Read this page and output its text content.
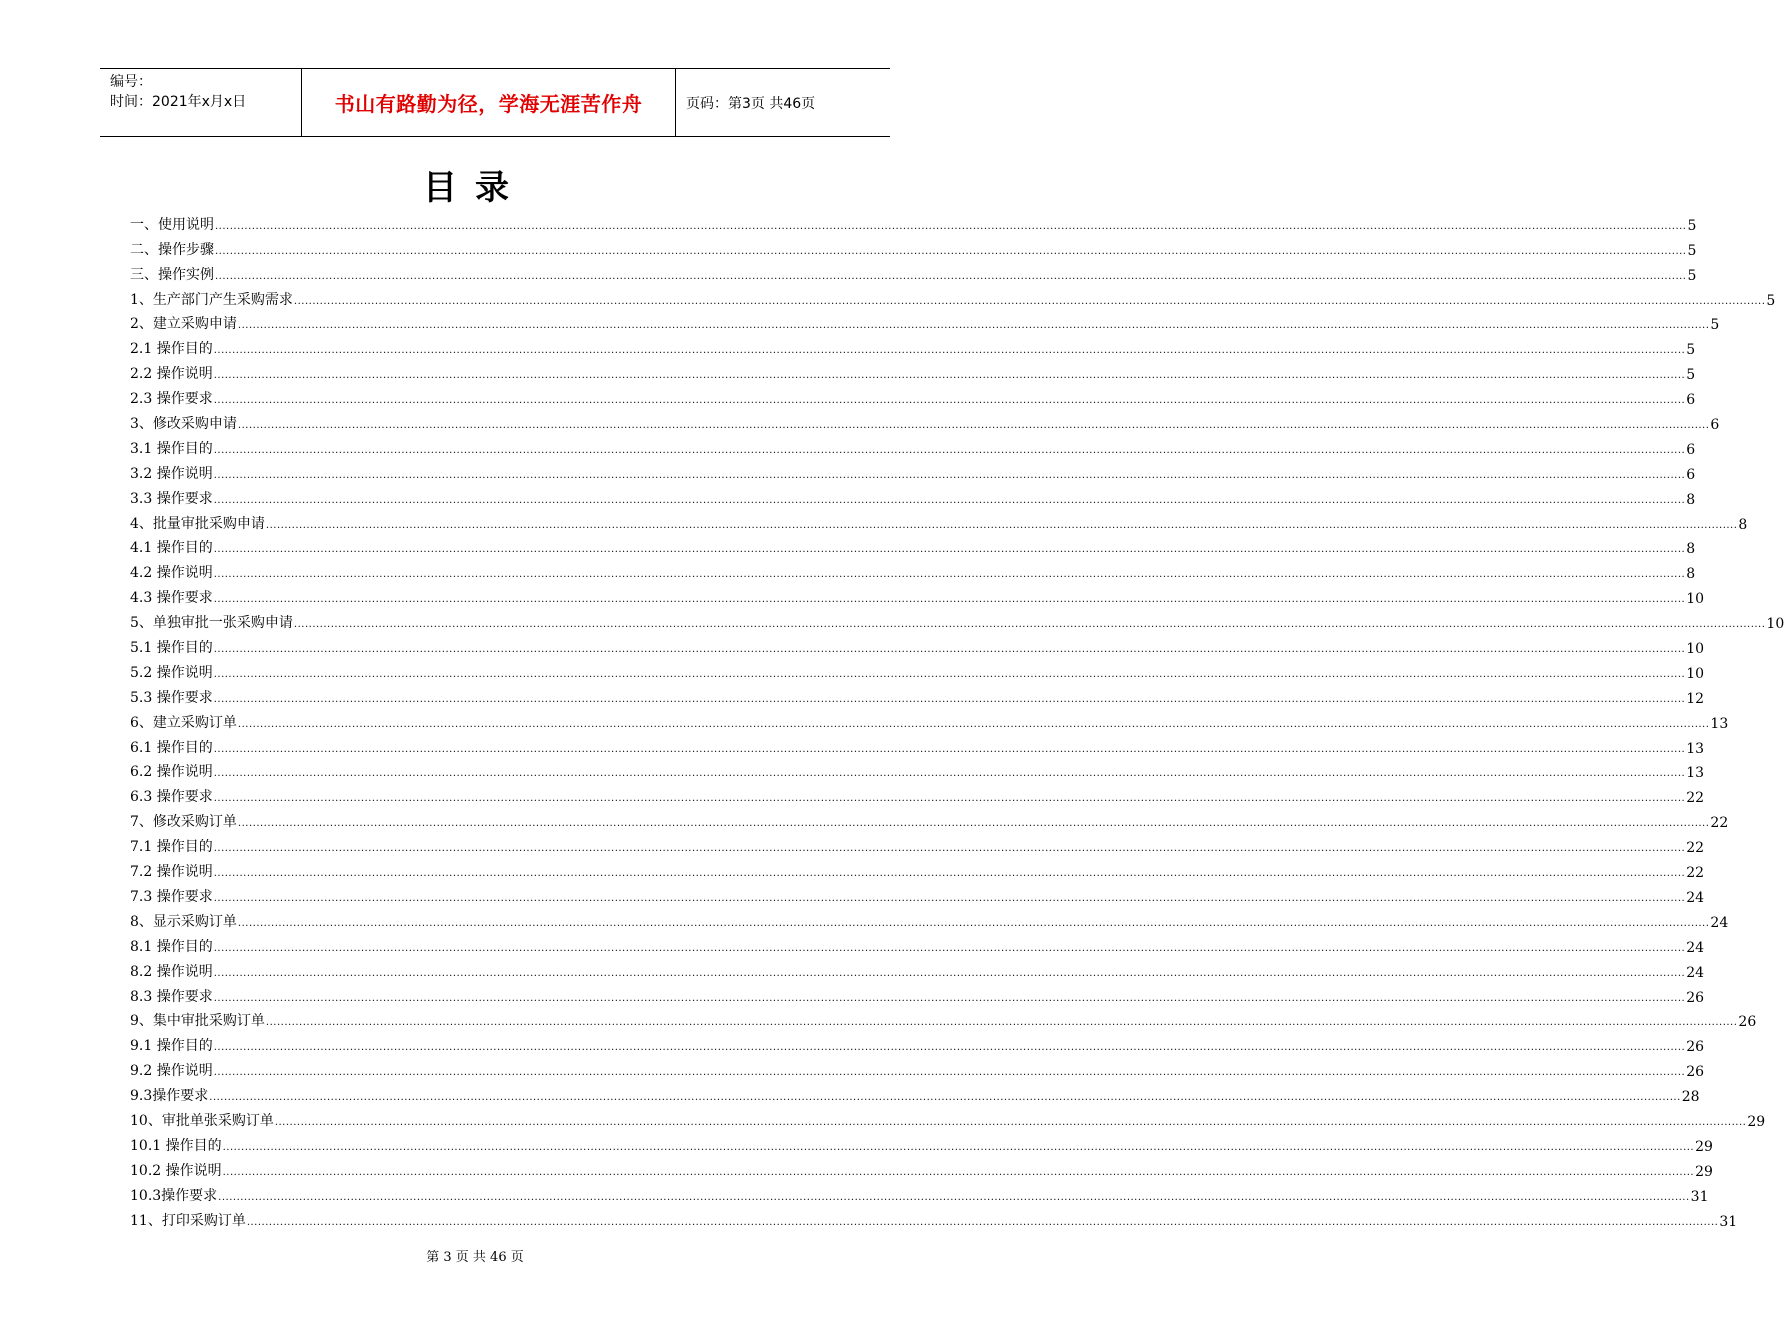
编号：
时间：2021年x月x日	书山有路勤为径，学海无涯苦作舟	页码：第3页 共46页
目录
一、使用说明 ................................................................................................................................................................................................................................................................................................................................................................................................................ 5
二、操作步骤 ................................................................................................................................................................................................................................................................................................................................................................................................................ 5
三、操作实例 ................................................................................................................................................................................................................................................................................................................................................................................................................ 5
1、生产部门产生采购需求 ................................................................................................................................................................................................................................................................................................................................................................................................................ 5
2、建立采购申请 ................................................................................................................................................................................................................................................................................................................................................................................................................ 5
2.1 操作目的 ................................................................................................................................................................................................................................................................................................................................................................................................................ 5
2.2 操作说明 ................................................................................................................................................................................................................................................................................................................................................................................................................ 5
2.3 操作要求 ................................................................................................................................................................................................................................................................................................................................................................................................................ 6
3、修改采购申请 ................................................................................................................................................................................................................................................................................................................................................................................................................ 6
3.1 操作目的 ................................................................................................................................................................................................................................................................................................................................................................................................................ 6
3.2 操作说明 ................................................................................................................................................................................................................................................................................................................................................................................................................ 6
3.3 操作要求 ................................................................................................................................................................................................................................................................................................................................................................................................................ 8
4、批量审批采购申请 ................................................................................................................................................................................................................................................................................................................................................................................................................ 8
4.1 操作目的 ................................................................................................................................................................................................................................................................................................................................................................................................................ 8
4.2 操作说明 ................................................................................................................................................................................................................................................................................................................................................................................................................ 8
4.3 操作要求 ................................................................................................................................................................................................................................................................................................................................................................................................................ 10
5、单独审批一张采购申请 ................................................................................................................................................................................................................................................................................................................................................................................................................ 10
5.1 操作目的 ................................................................................................................................................................................................................................................................................................................................................................................................................ 10
5.2 操作说明 ................................................................................................................................................................................................................................................................................................................................................................................................................ 10
5.3 操作要求 ................................................................................................................................................................................................................................................................................................................................................................................................................ 12
6、建立采购订单 ................................................................................................................................................................................................................................................................................................................................................................................................................ 13
6.1 操作目的 ................................................................................................................................................................................................................................................................................................................................................................................................................ 13
6.2 操作说明 ................................................................................................................................................................................................................................................................................................................................................................................................................ 13
6.3 操作要求 ................................................................................................................................................................................................................................................................................................................................................................................................................ 22
7、修改采购订单 ................................................................................................................................................................................................................................................................................................................................................................................................................ 22
7.1 操作目的 ................................................................................................................................................................................................................................................................................................................................................................................................................ 22
7.2 操作说明 ................................................................................................................................................................................................................................................................................................................................................................................................................ 22
7.3 操作要求 ................................................................................................................................................................................................................................................................................................................................................................................................................ 24
8、显示采购订单 ................................................................................................................................................................................................................................................................................................................................................................................................................ 24
8.1 操作目的 ................................................................................................................................................................................................................................................................................................................................................................................................................ 24
8.2 操作说明 ................................................................................................................................................................................................................................................................................................................................................................................................................ 24
8.3 操作要求 ................................................................................................................................................................................................................................................................................................................................................................................................................ 26
9、集中审批采购订单 ................................................................................................................................................................................................................................................................................................................................................................................................................ 26
9.1 操作目的 ................................................................................................................................................................................................................................................................................................................................................................................................................ 26
9.2 操作说明 ................................................................................................................................................................................................................................................................................................................................................................................................................ 26
9.3操作要求 ................................................................................................................................................................................................................................................................................................................................................................................................................ 28
10、审批单张采购订单 ................................................................................................................................................................................................................................................................................................................................................................................................................ 29
10.1 操作目的 ................................................................................................................................................................................................................................................................................................................................................................................................................ 29
10.2 操作说明 ................................................................................................................................................................................................................................................................................................................................................................................................................ 29
10.3操作要求 ................................................................................................................................................................................................................................................................................................................................................................................................................ 31
11、打印采购订单 ................................................................................................................................................................................................................................................................................................................................................................................................................ 31
第 3 页 共 46 页
